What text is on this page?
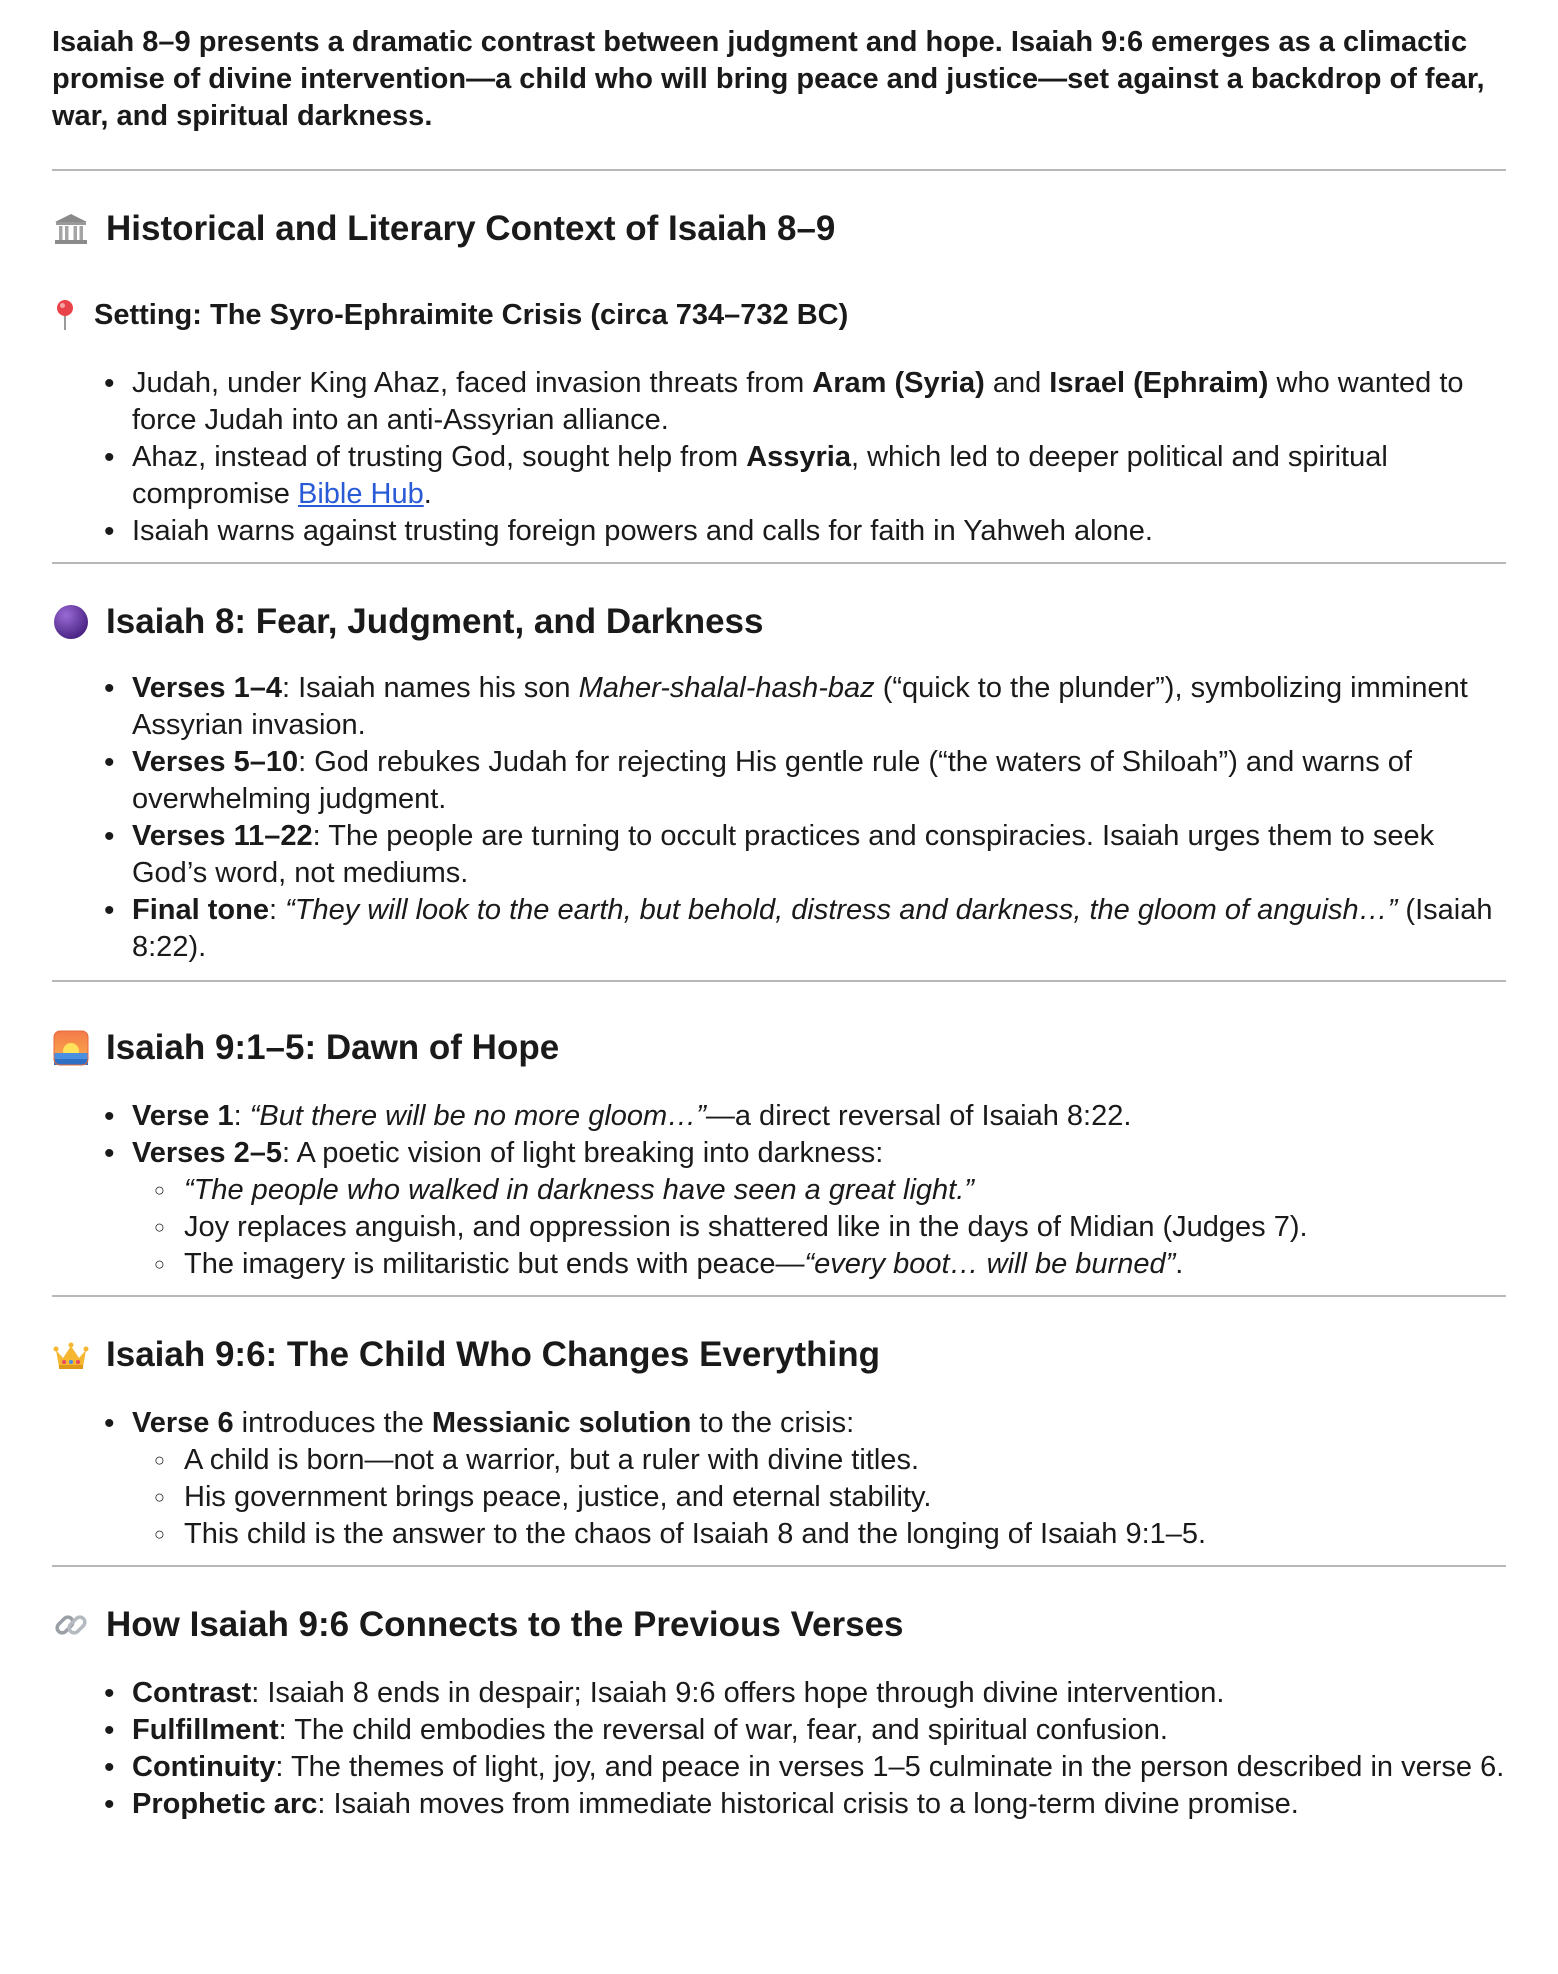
Isaiah 8–9 presents a dramatic contrast between judgment and hope. Isaiah 9:6 emerges as a climactic promise of divine intervention—a child who will bring peace and justice—set against a backdrop of fear, war, and spiritual darkness.

Historical and Literary Context of Isaiah 8–9
Setting: The Syro-Ephraimite Crisis (circa 734–732 BC)
• Judah, under King Ahaz, faced invasion threats from Aram (Syria) and Israel (Ephraim) who wanted to force Judah into an anti-Assyrian alliance.
• Ahaz, instead of trusting God, sought help from Assyria, which led to deeper political and spiritual compromise Bible Hub.
• Isaiah warns against trusting foreign powers and calls for faith in Yahweh alone.
Isaiah 8: Fear, Judgment, and Darkness
• Verses 1–4: Isaiah names his son Maher-shalal-hash-baz (“quick to the plunder”), symbolizing imminent Assyrian invasion.
• Verses 5–10: God rebukes Judah for rejecting His gentle rule (“the waters of Shiloah”) and warns of overwhelming judgment.
• Verses 11–22: The people are turning to occult practices and conspiracies. Isaiah urges them to seek God’s word, not mediums.
• Final tone: “They will look to the earth, but behold, distress and darkness, the gloom of anguish…” (Isaiah 8:22).
Isaiah 9:1–5: Dawn of Hope
• Verse 1: “But there will be no more gloom…”—a direct reversal of Isaiah 8:22.
• Verses 2–5: A poetic vision of light breaking into darkness:
○ “The people who walked in darkness have seen a great light.”
○ Joy replaces anguish, and oppression is shattered like in the days of Midian (Judges 7).
○ The imagery is militaristic but ends with peace—“every boot… will be burned”.
Isaiah 9:6: The Child Who Changes Everything
• Verse 6 introduces the Messianic solution to the crisis:
○ A child is born—not a warrior, but a ruler with divine titles.
○ His government brings peace, justice, and eternal stability.
○ This child is the answer to the chaos of Isaiah 8 and the longing of Isaiah 9:1–5.
How Isaiah 9:6 Connects to the Previous Verses
• Contrast: Isaiah 8 ends in despair; Isaiah 9:6 offers hope through divine intervention.
• Fulfillment: The child embodies the reversal of war, fear, and spiritual confusion.
• Continuity: The themes of light, joy, and peace in verses 1–5 culminate in the person described in verse 6.
• Prophetic arc: Isaiah moves from immediate historical crisis to a long-term divine promise.
